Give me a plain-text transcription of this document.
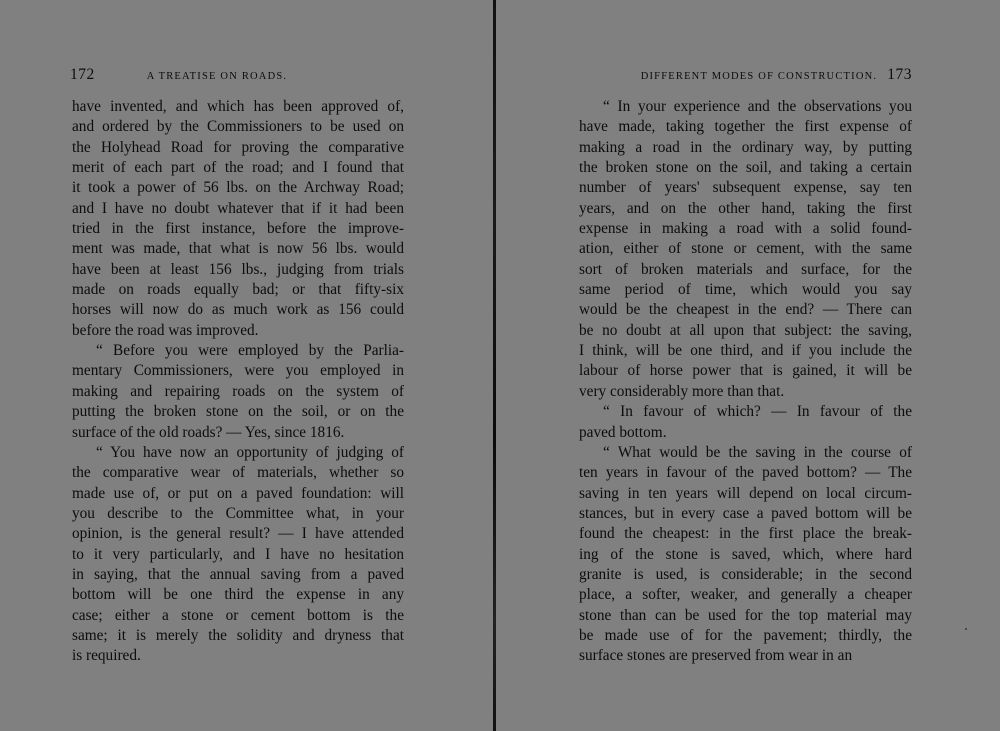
172	A TREATISE ON ROADS.
have invented, and which has been approved of,
and ordered by the Commissioners to be used on
the Holyhead Road for proving the comparative
merit of each part of the road; and I found that
it took a power of 56 lbs. on the Archway Road;
and I have no doubt whatever that if it had been
tried in the first instance, before the improve-
ment was made, that what is now 56 lbs. would
have been at least 156 lbs., judging from trials
made on roads equally bad; or that fifty-six
horses will now do as much work as 156 could
before the road was improved.
“ Before you were employed by the Parlia-
mentary Commissioners, were you employed in
making and repairing roads on the system of
putting the broken stone on the soil, or on the
surface of the old roads? — Yes, since 1816.
“ You have now an opportunity of judging of
the comparative wear of materials, whether so
made use of, or put on a paved foundation: will
you describe to the Committee what, in your
opinion, is the general result? — I have attended
to it very particularly, and I have no hesitation
in saying, that the annual saving from a paved
bottom will be one third the expense in any
case; either a stone or cement bottom is the
same; it is merely the solidity and dryness that
is required.
DIFFERENT MODES OF CONSTRUCTION. 173
“ In your experience and the observations you
have made, taking together the first expense of
making a road in the ordinary way, by putting
the broken stone on the soil, and taking a certain
number of years' subsequent expense, say ten
years, and on the other hand, taking the first
expense in making a road with a solid found-
ation, either of stone or cement, with the same
sort of broken materials and surface, for the
same period of time, which would you say
would be the cheapest in the end? — There can
be no doubt at all upon that subject: the saving,
I think, will be one third, and if you include the
labour of horse power that is gained, it will be
very considerably more than that.
“ In favour of which? — In favour of the
paved bottom.
“ What would be the saving in the course of
ten years in favour of the paved bottom? — The
saving in ten years will depend on local circum-
stances, but in every case a paved bottom will be
found the cheapest: in the first place the break-
ing of the stone is saved, which, where hard
granite is used, is considerable; in the second
place, a softer, weaker, and generally a cheaper
stone than can be used for the top material may
be made use of for the pavement; thirdly, the
surface stones are preserved from wear in an
